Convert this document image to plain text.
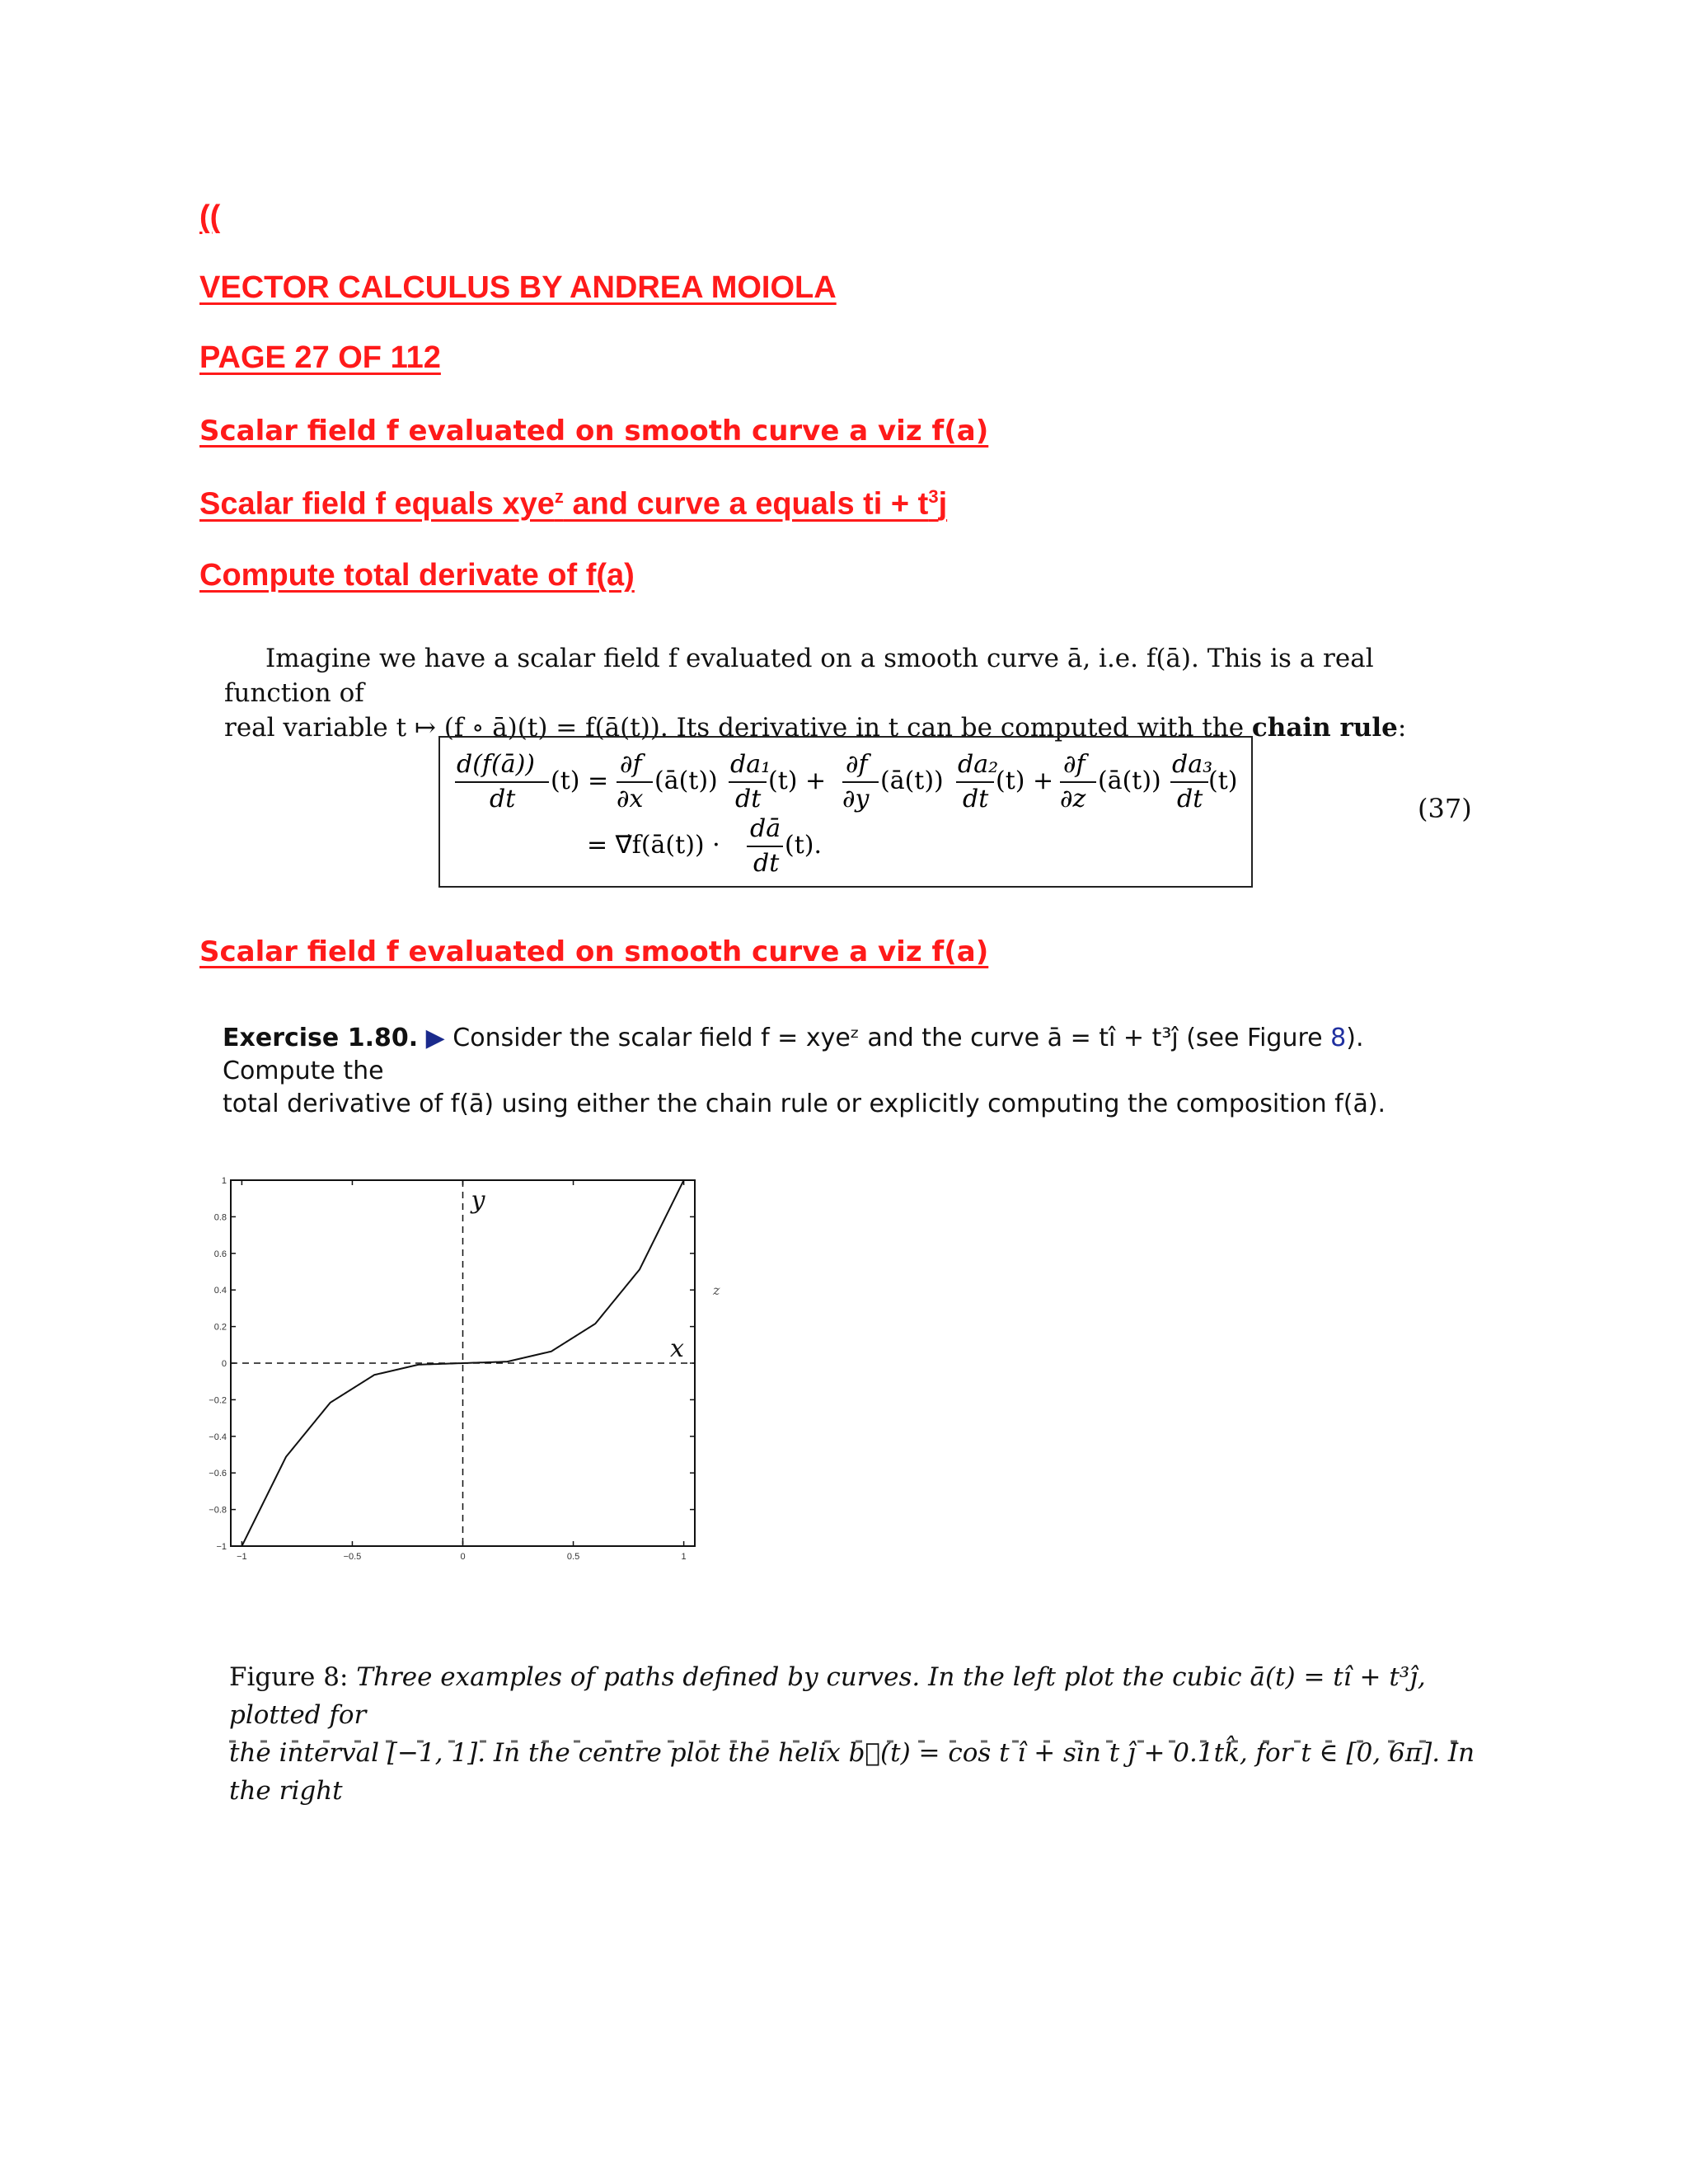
((

VECTOR CALCULUS BY ANDREA MOIOLA

PAGE 27 OF 112

Scalar field f evaluated on smooth curve a viz f(a)

Scalar field f equals xye$^z$ and curve a equals ti + $t^3j$

Compute total derivate of f(a)

Imagine we have a scalar field f evaluated on a smooth curve ā, i.e. f(ā). This is a real function of
real variable t ↦ (f ∘ ā)(t) = f(ā(t)). Its derivative in t can be computed with the chain rule:

d(f(ā))
dt
(t) =
∂f
∂x
(ā(t))
da₁
dt
(t) +
∂f
∂y
(ā(t))
da₂
dt
(t) +
∂f
∂z
(ā(t))
da₃
dt
(t)
= ∇⃗f(ā(t)) ·
dā
dt
(t).
(37)

Scalar field f evaluated on smooth curve a viz f(a)

Exercise 1.80. ▶ Consider the scalar field f = xyeᶻ and the curve ā = tî + t³ĵ (see Figure 8). Compute the
total derivative of f(ā) using either the chain rule or explicitly computing the composition f(ā).

−1	−0.5	0	0.5	1
1
0.8
0.6
0.4
0.2
0
−0.2
−0.4
−0.6
−0.8
−1
x
y
z

Figure 8: Three examples of paths defined by curves. In the left plot the cubic ā(t) = tî + t³ĵ, plotted for
the interval [−1, 1]. In the centre plot the helix b⃗(t) = cos t î + sin t ĵ + 0.1tk̂, for t ∈ [0, 6π]. In the right
